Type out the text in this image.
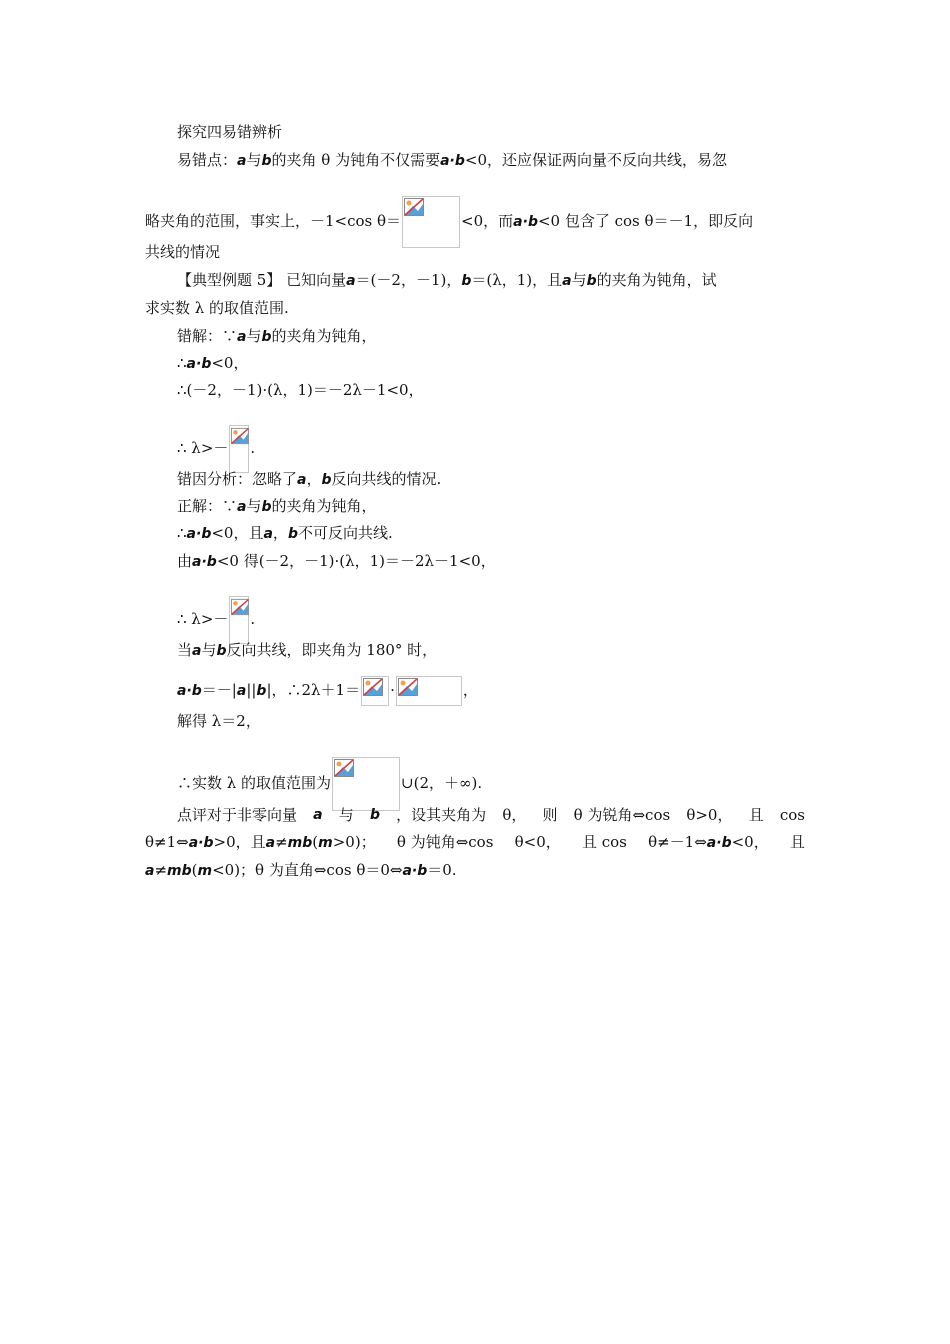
探究四易错辨析
易错点：a与b的夹角 θ 为钝角不仅需要a·b<0，还应保证两向量不反向共线，易忽
略夹角的范围，事实上，－1<cos θ＝	<0，而a·b<0 包含了 cos θ＝－1，即反向
共线的情况
【典型例题 5】 已知向量a＝(－2，－1)，b＝(λ，1)，且a与b的夹角为钝角，试
求实数 λ 的取值范围.
错解：∵a与b的夹角为钝角，
∴a·b<0，
∴(－2，－1)·(λ，1)＝－2λ－1<0，
∴ λ>－ .
错因分析：忽略了a，b反向共线的情况.
正解：∵a与b的夹角为钝角，
∴a·b<0，且a，b不可反向共线.
由a·b<0 得(－2，－1)·(λ，1)＝－2λ－1<0，
∴ λ>－ .
当a与b反向共线，即夹角为 180° 时，
a·b＝－|a||b|，∴2λ＋1＝ ·	，
解得 λ＝2，
∴实数 λ 的取值范围为	∪(2，＋∞).
点评对于非零向量 a 与 b ，设其夹角为 θ， 则 θ 为锐角⇔cos θ>0， 且 cos
θ≠1⇔a·b>0，且a≠mb(m>0)； θ 为钝角⇔cos θ<0， 且 cos θ≠－1⇔a·b<0， 且
a≠mb(m<0)；θ 为直角⇔cos θ＝0⇔a·b＝0.
